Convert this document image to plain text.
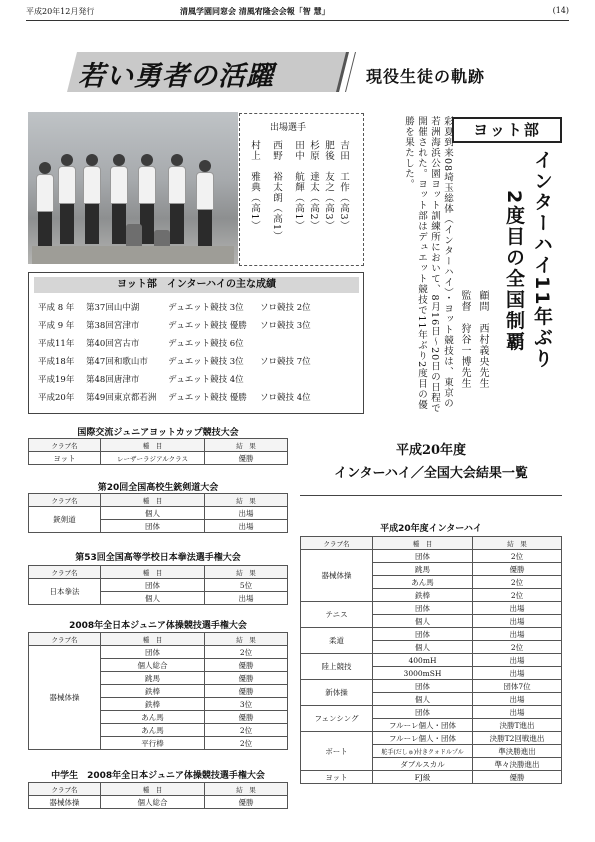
平成20年12月発行	清風学園同窓会 清風宥隆会会報「智 慧」	(14)
若い勇者の活躍	現役生徒の軌跡
出場選手
吉田　工作（高3）
肥後　友之（高3）
杉原　達太（高2）
田中　航輝（高1）
西野　裕太朗（高1）
村上　雅典（高1）	彩夏到来08埼玉総体（インターハイ）・ヨット競技は、東京の若洲海浜公園ヨット訓練所において、8月16日～20日の日程で開催された。ヨット部はデュエット競技で11年ぶり2度目の優勝を果たした。	ヨット部
インターハイ11年ぶり
2度目の全国制覇
顧問　西村義央先生
監督　狩谷一博先生
ヨット部　インターハイの主な成績
平成 8 年 第37回山中湖	デュエット競技 3位 ソロ競技 2位
平成 9 年 第38回宮津市	デュエット競技 優勝 ソロ競技 3位
平成11年 第40回宮古市	デュエット競技 6位
平成18年 第47回和歌山市 デュエット競技 3位 ソロ競技 7位
平成19年 第48回唐津市	デュエット競技 4位
平成20年 第49回東京都若洲 デュエット競技 優勝 ソロ競技 4位
国際交流ジュニアヨットカップ競技大会
クラブ名	種　目	結　果
ヨット	レーザーラジアルクラス	優勝
第20回全国高校生銃剣道大会
クラブ名	種　目	結　果
銃剣道	個人	出場
	団体	出場
第53回全国高等学校日本拳法選手権大会
クラブ名	種　目	結　果
日本拳法	団体	5位
	個人	出場
2008年全日本ジュニア体操競技選手権大会
クラブ名	種　目	結　果
器械体操	団体	2位
	個人総合	優勝
	跳馬	優勝
	鉄棒	優勝
	鉄棒	3位
	あん馬	優勝
	あん馬	2位
	平行棒	2位
中学生　2008年全日本ジュニア体操競技選手権大会
クラブ名	種　目	結　果
器械体操	個人総合	優勝
平成20年度
インターハイ／全国大会結果一覧
平成20年度インターハイ
クラブ名	種　目	結　果
器械体操	団体	2位
	跳馬	優勝
	あん馬	2位
	鉄棒	2位
テニス	団体	出場
	個人	出場
柔道	団体	出場
	個人	2位
陸上競技	400mH	出場
	3000mSH	出場
新体操	団体	団体7位
	個人	出場
フェンシング	団体	出場
	フルーレ個人・団体	決勝T進出
ボート	フルーレ個人・団体	決勝T2回戦進出
	舵手(だしゅ)付きクォドルプル	準決勝進出
	ダブルスカル	準々決勝進出
ヨット	FJ級	優勝
